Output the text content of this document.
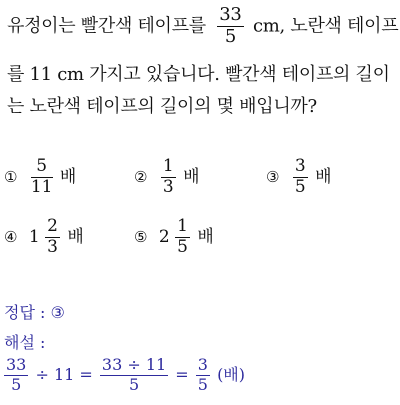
유정이는 빨간색 테이프를 $\frac{33}{5}$ cm, 노란색 테이프
를 11 cm 가지고 있습니다. 빨간색 테이프의 길이
는 노란색 테이프의 길이의 몇 배입니까?
① $\frac{5}{11}$ 배	② $\frac{1}{3}$ 배	③ $\frac{3}{5}$ 배
④ $1 \frac{2}{3}$ 배	⑤ $2 \frac{1}{5}$ 배
정답 : ③
해설 :
$\frac{33}{5} \div 11 = \frac{33 \div 11}{5} = \frac{3}{5}$ (배)
